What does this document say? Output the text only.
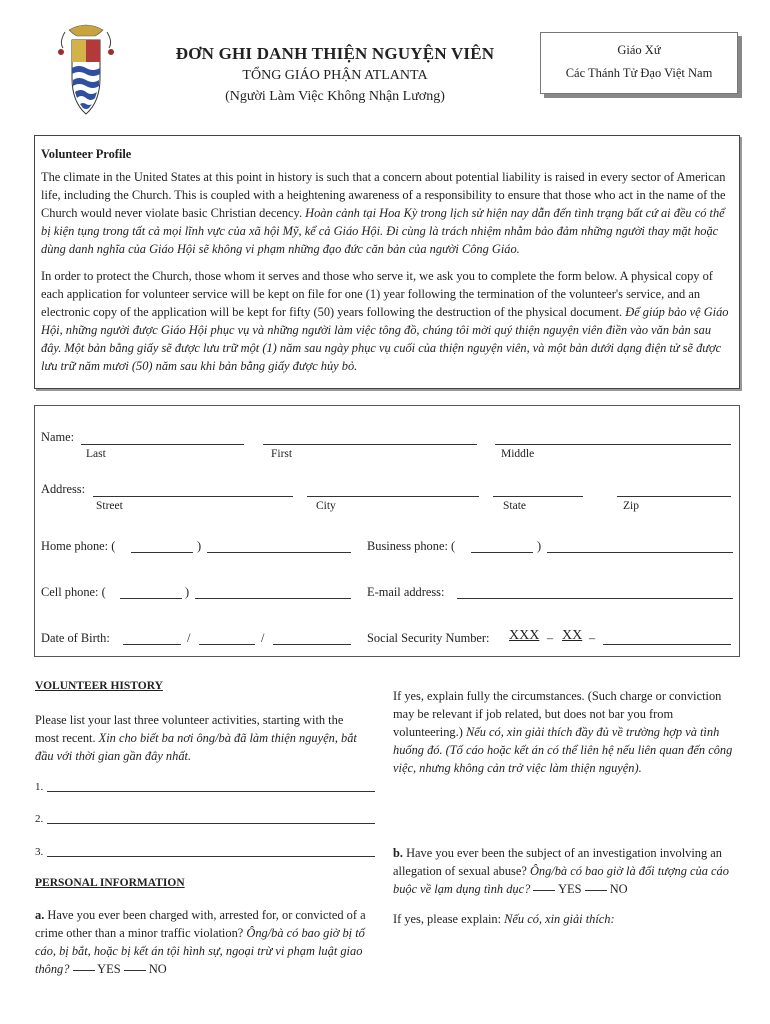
ĐƠN GHI DANH THIỆN NGUYỆN VIÊN
TỔNG GIÁO PHẬN ATLANTA
(Người Làm Việc Không Nhận Lương)
Giáo Xứ
Các Thánh Tử Đạo Việt Nam

Volunteer Profile

The climate in the United States at this point in history is such that a concern about potential liability is raised in every sector of American life, including the Church. This is coupled with a heightening awareness of a responsibility to ensure that those who act in the name of the Church would never violate basic Christian decency. Hoàn cảnh tại Hoa Kỳ trong lịch sử hiện nay dẫn đến tình trạng bất cứ ai đều có thể bị kiện tụng trong tất cả mọi lĩnh vực của xã hội Mỹ, kể cả Giáo Hội. Đi cùng là trách nhiệm nhằm bảo đảm những người thay mặt hoặc dùng danh nghĩa của Giáo Hội sẽ không vi phạm những đạo đức căn bản của người Công Giáo.

In order to protect the Church, those whom it serves and those who serve it, we ask you to complete the form below. A physical copy of each application for volunteer service will be kept on file for one (1) year following the termination of the volunteer's service, and an electronic copy of the application will be kept for fifty (50) years following the destruction of the physical document. Để giúp bảo vệ Giáo Hội, những người được Giáo Hội phục vụ và những người làm việc tông đồ, chúng tôi mời quý thiện nguyện viên điền vào văn bản sau đây. Một bản bằng giấy sẽ được lưu trữ một (1) năm sau ngày phục vụ cuối của thiện nguyện viên, và một bản dưới dạng điện tử sẽ được lưu trữ năm mươi (50) năm sau khi bản bằng giấy được hủy bỏ.

Name:
Last	First	Middle
Address:
Street	City	State	Zip
Home phone: (	)	Business phone: (	)
Cell phone: (	)	E-mail address:
Date of Birth:	/	/	Social Security Number: XXX – XX –
VOLUNTEER HISTORY
Please list your last three volunteer activities, starting with the most recent. Xin cho biết ba nơi ông/bà đã làm thiện nguyện, bắt đầu với thời gian gần đây nhất.
1.
2.
3.
PERSONAL INFORMATION
a. Have you ever been charged with, arrested for, or convicted of a crime other than a minor traffic violation? Ông/bà có bao giờ bị tố cáo, bị bắt, hoặc bị kết án tội hình sự, ngoại trừ vi phạm luật giao thông? YES NO
If yes, explain fully the circumstances. (Such charge or conviction may be relevant if job related, but does not bar you from volunteering.) Nếu có, xin giải thích đầy đủ về trường hợp và tình huống đó. (Tố cáo hoặc kết án có thể liên hệ nếu liên quan đến công việc, nhưng không cản trở việc làm thiện nguyện).
b. Have you ever been the subject of an investigation involving an allegation of sexual abuse? Ông/bà có bao giờ là đối tượng của cáo buộc về lạm dụng tình dục? YES NO
If yes, please explain: Nếu có, xin giải thích:
